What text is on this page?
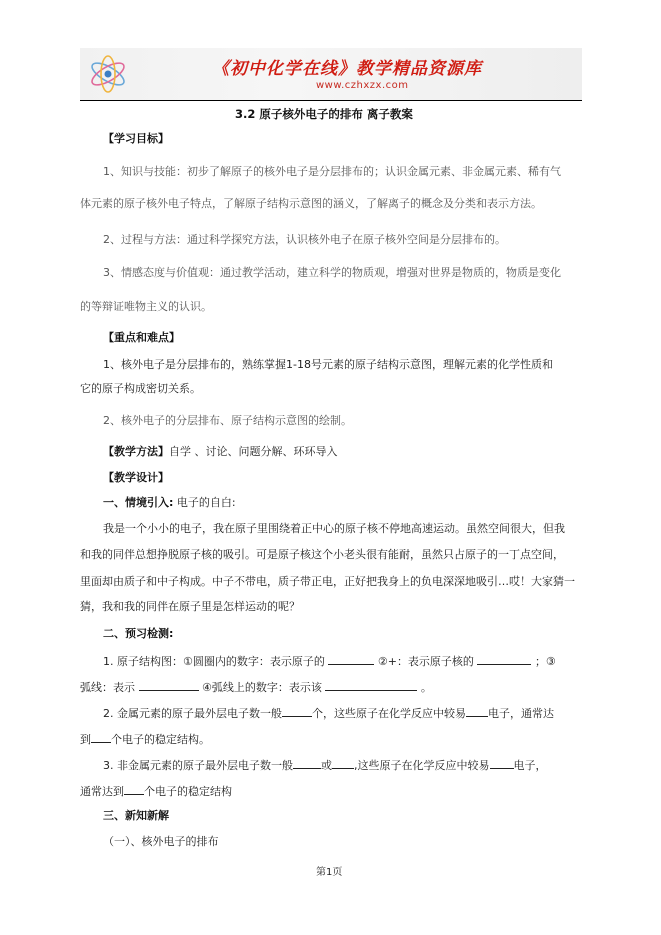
《初中化学在线》教学精品资源库
www.czhxzx.com
3.2 原子核外电子的排布 离子教案
【学习目标】
1、知识与技能：初步了解原子的核外电子是分层排布的；认识金属元素、非金属元素、稀有气
体元素的原子核外电子特点，了解原子结构示意图的涵义，了解离子的概念及分类和表示方法。
2、过程与方法：通过科学探究方法，认识核外电子在原子核外空间是分层排布的。
3、情感态度与价值观：通过教学活动，建立科学的物质观，增强对世界是物质的，物质是变化
的等辩证唯物主义的认识。
【重点和难点】
1、核外电子是分层排布的，熟练掌握1-18号元素的原子结构示意图，理解元素的化学性质和
它的原子构成密切关系。
2、核外电子的分层排布、原子结构示意图的绘制。
【教学方法】自学 、讨论、问题分解、环环导入
【教学设计】
一、情境引入: 电子的自白:
我是一个小小的电子，我在原子里围绕着正中心的原子核不停地高速运动。虽然空间很大，但我
和我的同伴总想挣脱原子核的吸引。可是原子核这个小老头很有能耐，虽然只占原子的一丁点空间，
里面却由质子和中子构成。中子不带电，质子带正电，正好把我身上的负电深深地吸引…哎！大家猜一
猜，我和我的同伴在原子里是怎样运动的呢？
二、预习检测:
1. 原子结构图：①圆圈内的数字：表示原子的	②+：表示原子核的	；③
弧线：表示	④弧线上的数字：表示该	。
2. 金属元素的原子最外层电子数一般	个，这些原子在化学反应中较易 电子，通常达
到 个电子的稳定结构。
3. 非金属元素的原子最外层电子数一般	或 ,这些原子在化学反应中较易 电子，
通常达到 个电子的稳定结构
三、新知新解
（一）、核外电子的排布
第1页
